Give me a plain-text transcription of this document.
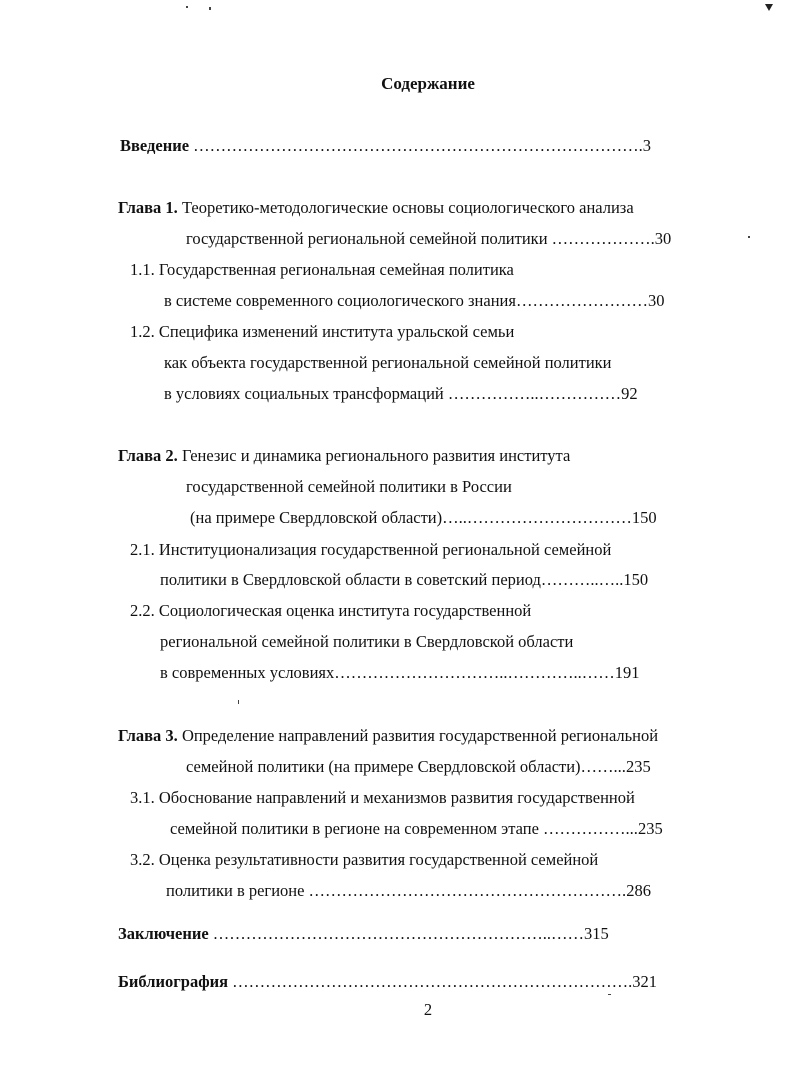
Содержание
Введение ……………………………………………………………………….3
Глава 1. Теоретико-методологические основы социологического анализа
государственной региональной семейной политики ……………….30
1.1. Государственная региональная семейная политика
в системе современного социологического знания……………………30
1.2. Специфика изменений института уральской семьи
как объекта государственной региональной семейной политики
в условиях социальных трансформаций ……………..……………92
Глава 2. Генезис и динамика регионального развития института
государственной семейной политики в России
(на примере Свердловской области)…..…………………………150
2.1. Институционализация государственной региональной семейной
политики в Свердловской области в советский период………..…..150
2.2. Социологическая оценка института государственной
региональной семейной политики в Свердловской области
в современных условиях…………………………..…………..……191
Глава 3. Определение направлений развития государственной региональной
семейной политики (на примере Свердловской области)……...235
3.1. Обоснование направлений и механизмов развития государственной
семейной политики в регионе на современном этапе ……………...235
3.2. Оценка результативности развития государственной семейной
политики в регионе ………………………………………………….286
Заключение ……………………………………………………..……315
Библиография ……………………………………………………………….321
2
